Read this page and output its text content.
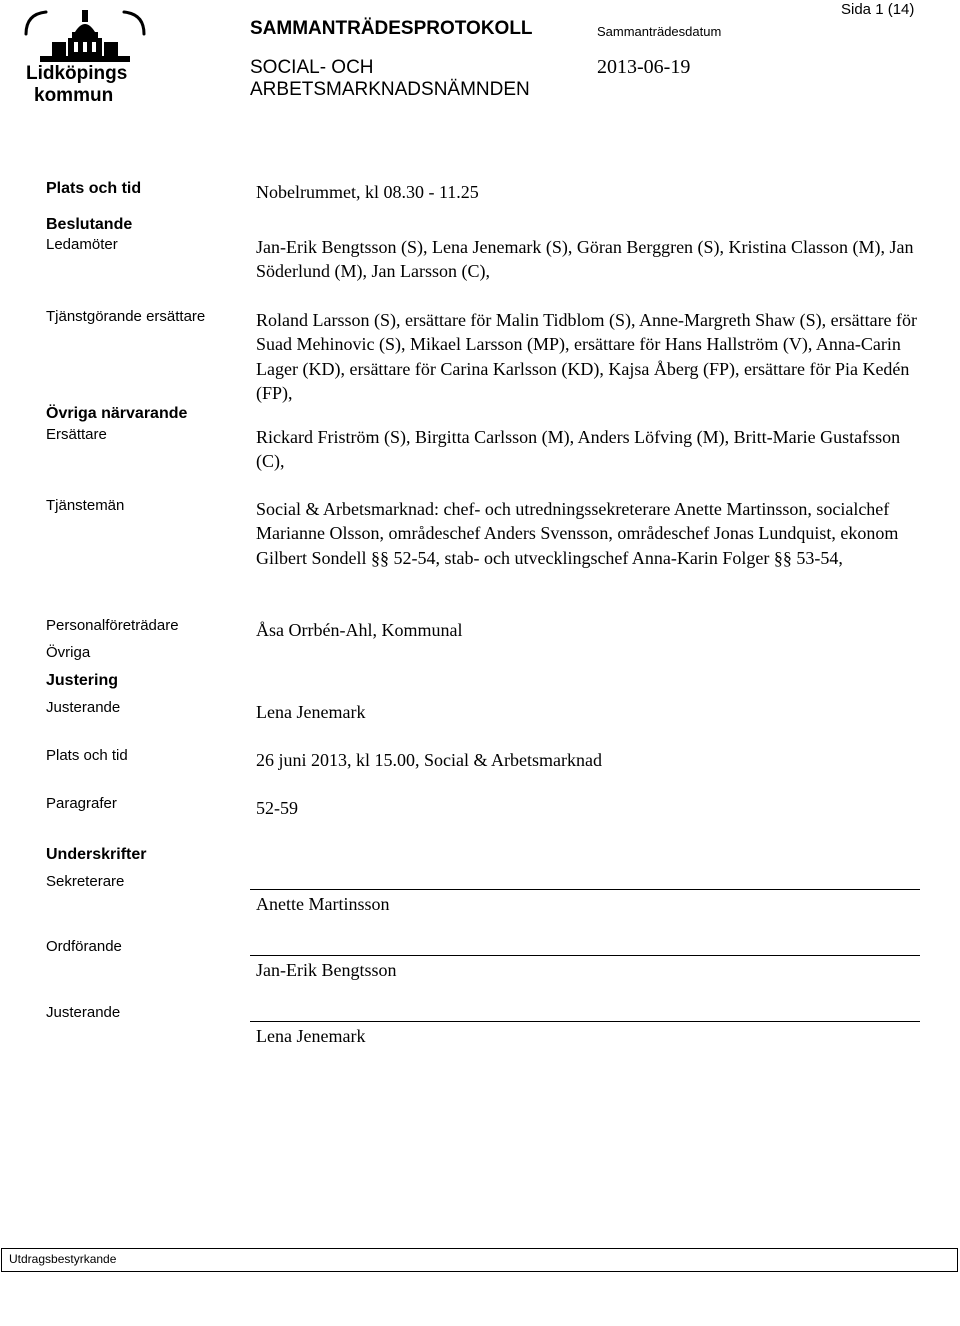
Lidköpings
kommun
SAMMANTRÄDESPROTOKOLL	Sammanträdesdatum
Sida 1 (14)
SOCIAL- OCH
ARBETSMARKNADSNÄMNDEN
2013-06-19
Plats och tid
Beslutande
Ledamöter
Tjänstgörande ersättare
Övriga närvarande
Ersättare
Tjänstemän
Personalföreträdare
Övriga
Justering
Justerande
Plats och tid
Paragrafer
Underskrifter
Sekreterare
Ordförande
Justerande
Nobelrummet, kl 08.30 - 11.25
Jan-Erik Bengtsson (S), Lena Jenemark (S), Göran Berggren (S), Kristina Classon (M), Jan Söderlund (M), Jan Larsson (C),
Roland Larsson (S), ersättare för Malin Tidblom (S), Anne-Margreth Shaw (S), ersättare för Suad Mehinovic (S), Mikael Larsson (MP), ersättare för Hans Hallström (V), Anna-Carin Lager (KD), ersättare för Carina Karlsson (KD), Kajsa Åberg (FP), ersättare för Pia Kedén (FP),
Rickard Friström (S), Birgitta Carlsson (M), Anders Löfving (M), Britt-Marie Gustafsson (C),
Social & Arbetsmarknad: chef- och utredningssekreterare Anette Martinsson, socialchef Marianne Olsson, områdeschef Anders Svensson, områdeschef Jonas Lundquist, ekonom Gilbert Sondell §§ 52-54, stab- och utvecklingschef Anna-Karin Folger §§ 53-54,
Åsa Orrbén-Ahl, Kommunal
Lena Jenemark
26 juni 2013, kl 15.00, Social & Arbetsmarknad
52-59
Anette Martinsson
Jan-Erik Bengtsson
Lena Jenemark
Utdragsbestyrkande
